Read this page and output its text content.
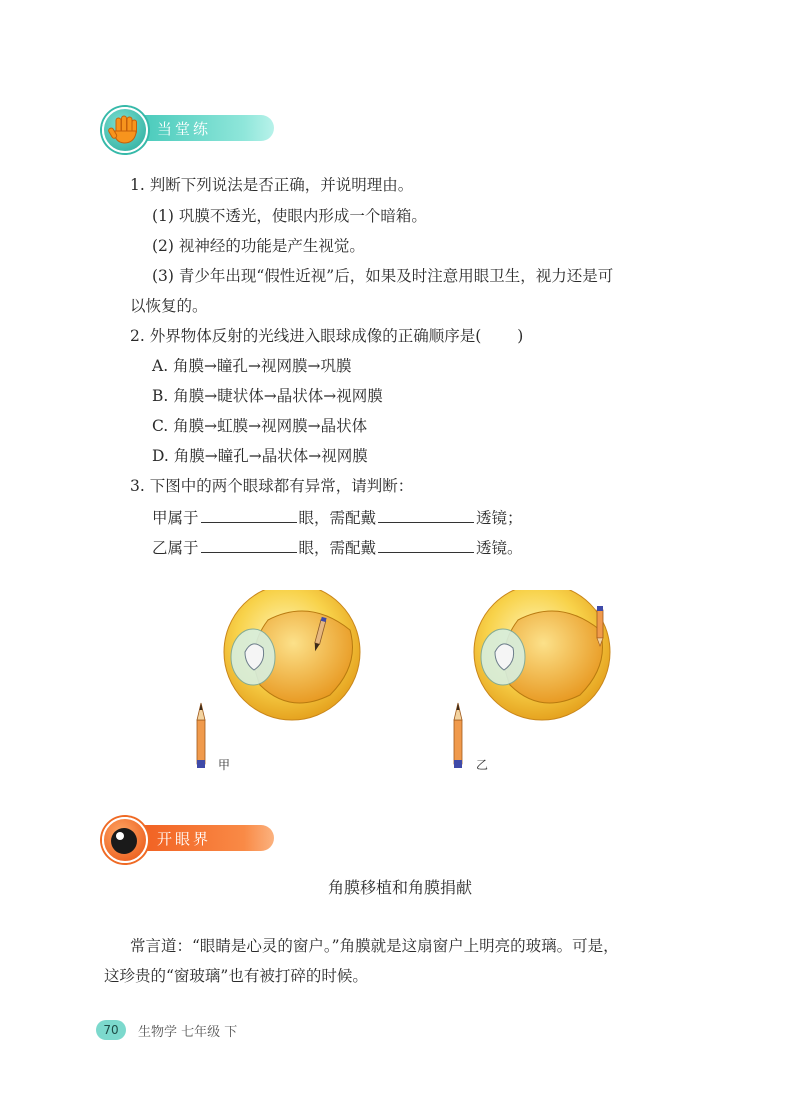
当堂练
1. 判断下列说法是否正确，并说明理由。
(1) 巩膜不透光，使眼内形成一个暗箱。
(2) 视神经的功能是产生视觉。
(3) 青少年出现“假性近视”后，如果及时注意用眼卫生，视力还是可
以恢复的。
2. 外界物体反射的光线进入眼球成像的正确顺序是( )
A. 角膜→瞳孔→视网膜→巩膜
B. 角膜→睫状体→晶状体→视网膜
C. 角膜→虹膜→视网膜→晶状体
D. 角膜→瞳孔→晶状体→视网膜
3. 下图中的两个眼球都有异常，请判断：
甲属于	眼，需配戴	透镜；
乙属于	眼，需配戴	透镜。
甲	乙
开眼界
角膜移植和角膜捐献
常言道：“眼睛是心灵的窗户。”角膜就是这扇窗户上明亮的玻璃。可是，
这珍贵的“窗玻璃”也有被打碎的时候。
70	生物学 七年级 下
